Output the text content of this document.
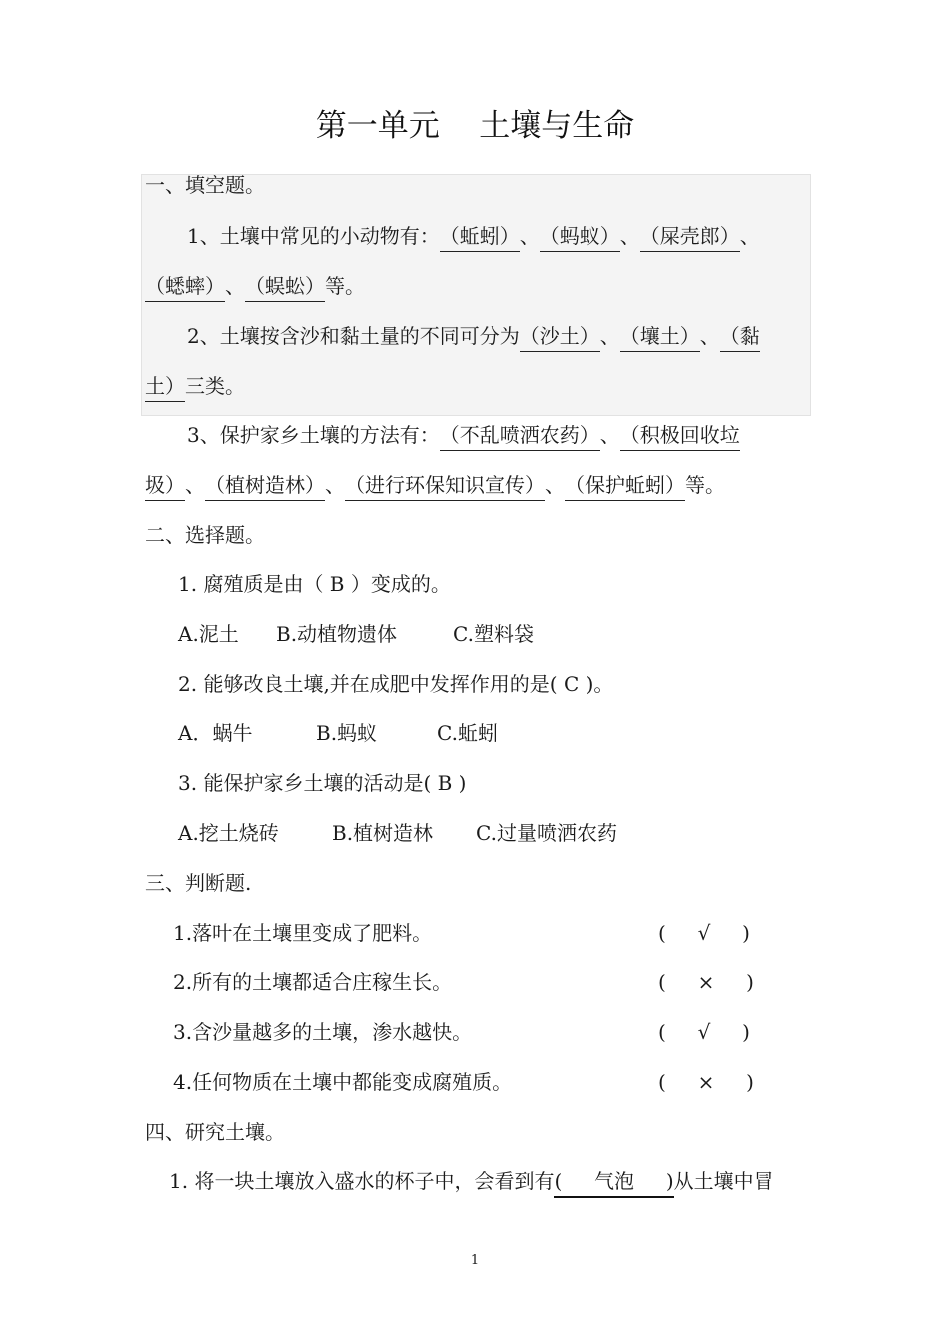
第一单元    土壤与生命
一、填空题。
1、土壤中常见的小动物有：（蚯蚓）、（蚂蚁）、（屎壳郎）、
（蟋蟀）、（蜈蚣）等。
2、土壤按含沙和黏土量的不同可分为（沙土）、（壤土）、（黏
土）三类。
3、保护家乡土壤的方法有：（不乱喷洒农药）、（积极回收垃
圾）、（植树造林）、（进行环保知识宣传）、（保护蚯蚓）等。
二、选择题。
1. 腐殖质是由（ B ）变成的。
A.泥土 B.动植物遗体	C.塑料袋
2. 能够改良土壤,并在成肥中发挥作用的是( C )。
A．蜗牛	B.蚂蚁	C.蚯蚓
3. 能保护家乡土壤的活动是( B )
A.挖土烧砖	B.植树造林 C.过量喷洒农药
三、判断题.
1.落叶在土壤里变成了肥料。	(     √     )
2.所有的土壤都适合庄稼生长。	(     ×     )
3.含沙量越多的土壤，渗水越快。	(     √     )
4.任何物质在土壤中都能变成腐殖质。	(     ×     )
四、研究土壤。
1. 将一块土壤放入盛水的杯子中，会看到有(     气泡     )从土壤中冒
1
